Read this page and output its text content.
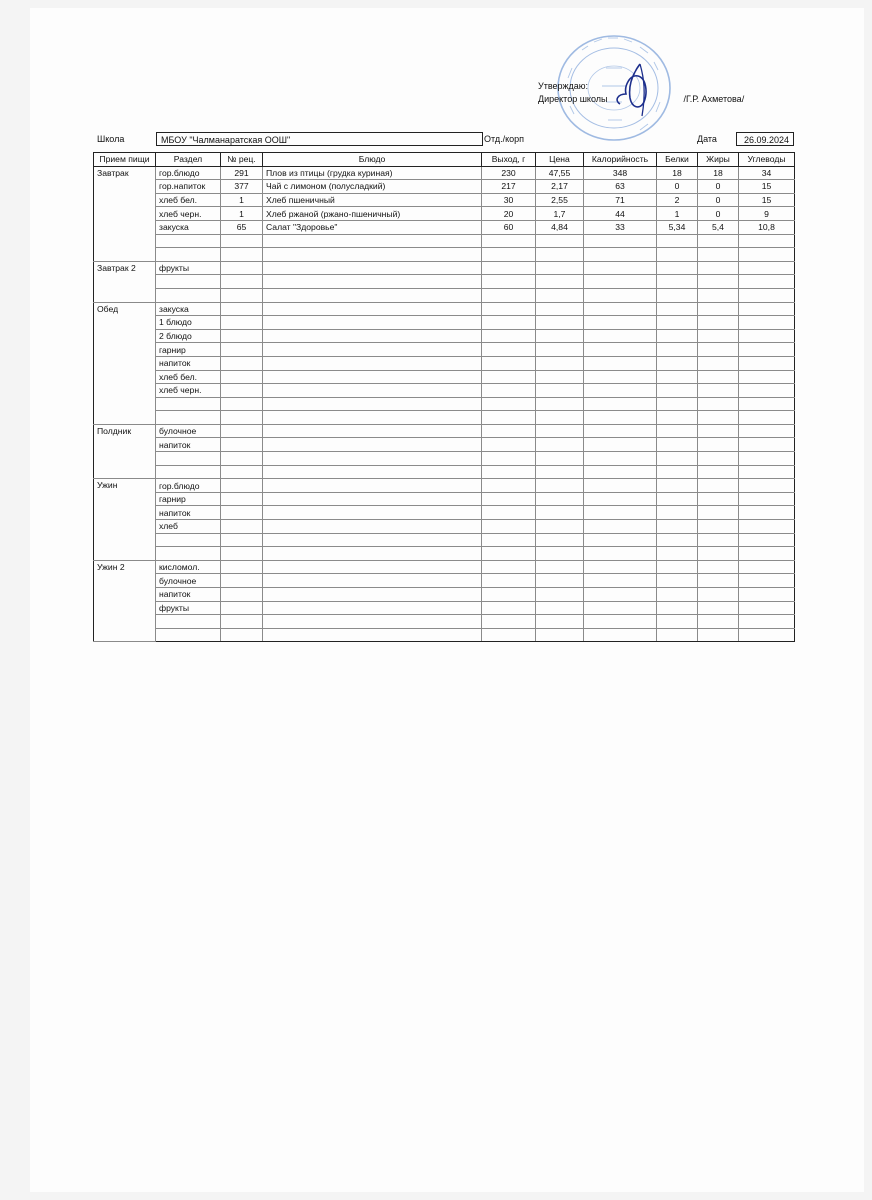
Утверждаю:
Директор школы	/Г.Р. Ахметова/
Школа	МБОУ "Чалманаратская ООШ"	Отд./корп	Дата	26.09.2024
Прием пищи	Раздел	№ рец.	Блюдо	Выход, г	Цена	Калорийность	Белки	Жиры	Углеводы
Завтрак	гор.блюдо	291	Плов из птицы (грудка куриная)	230	47,55	348	18	18	34
	гор.напиток	377	Чай с лимоном (полусладкий)	217	2,17	63	0	0	15
	хлеб бел.	1	Хлеб пшеничный	30	2,55	71	2	0	15
	хлеб черн.	1	Хлеб ржаной (ржано-пшеничный)	20	1,7	44	1	0	9
	закуска	65	Салат "Здоровье"	60	4,84	33	5,34	5,4	10,8

Завтрак 2	фрукты								

Обед	закуска								
	1 блюдо								
	2 блюдо								
	гарнир								
	напиток								
	хлеб бел.								
	хлеб черн.								

Полдник	булочное								
	напиток								

Ужин	гор.блюдо								
	гарнир								
	напиток								
	хлеб								

Ужин 2	кисломол.								
	булочное								
	напиток								
	фрукты								
